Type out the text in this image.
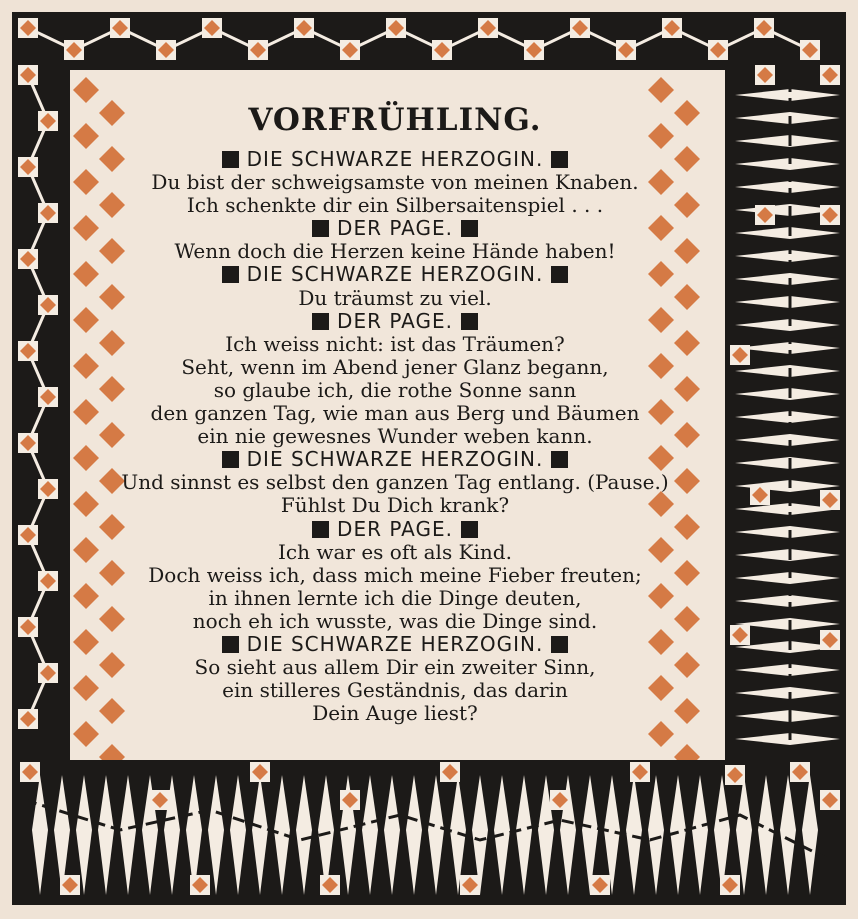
VORFRÜHLING.
DIE SCHWARZE HERZOGIN.
Du bist der schweigsamste von meinen Knaben.
Ich schenkte dir ein Silbersaitenspiel . . .
DER PAGE.
Wenn doch die Herzen keine Hände haben!
DIE SCHWARZE HERZOGIN.
Du träumst zu viel.
DER PAGE.
Ich weiss nicht: ist das Träumen?
Seht, wenn im Abend jener Glanz begann,
so glaube ich, die rothe Sonne sann
den ganzen Tag, wie man aus Berg und Bäumen
ein nie gewesnes Wunder weben kann.
DIE SCHWARZE HERZOGIN.
Und sinnst es selbst den ganzen Tag entlang. (Pause.)
Fühlst Du Dich krank?
DER PAGE.
Ich war es oft als Kind.
Doch weiss ich, dass mich meine Fieber freuten;
in ihnen lernte ich die Dinge deuten,
noch eh ich wusste, was die Dinge sind.
DIE SCHWARZE HERZOGIN.
So sieht aus allem Dir ein zweiter Sinn,
ein stilleres Geständnis, das darin
Dein Auge liest?
